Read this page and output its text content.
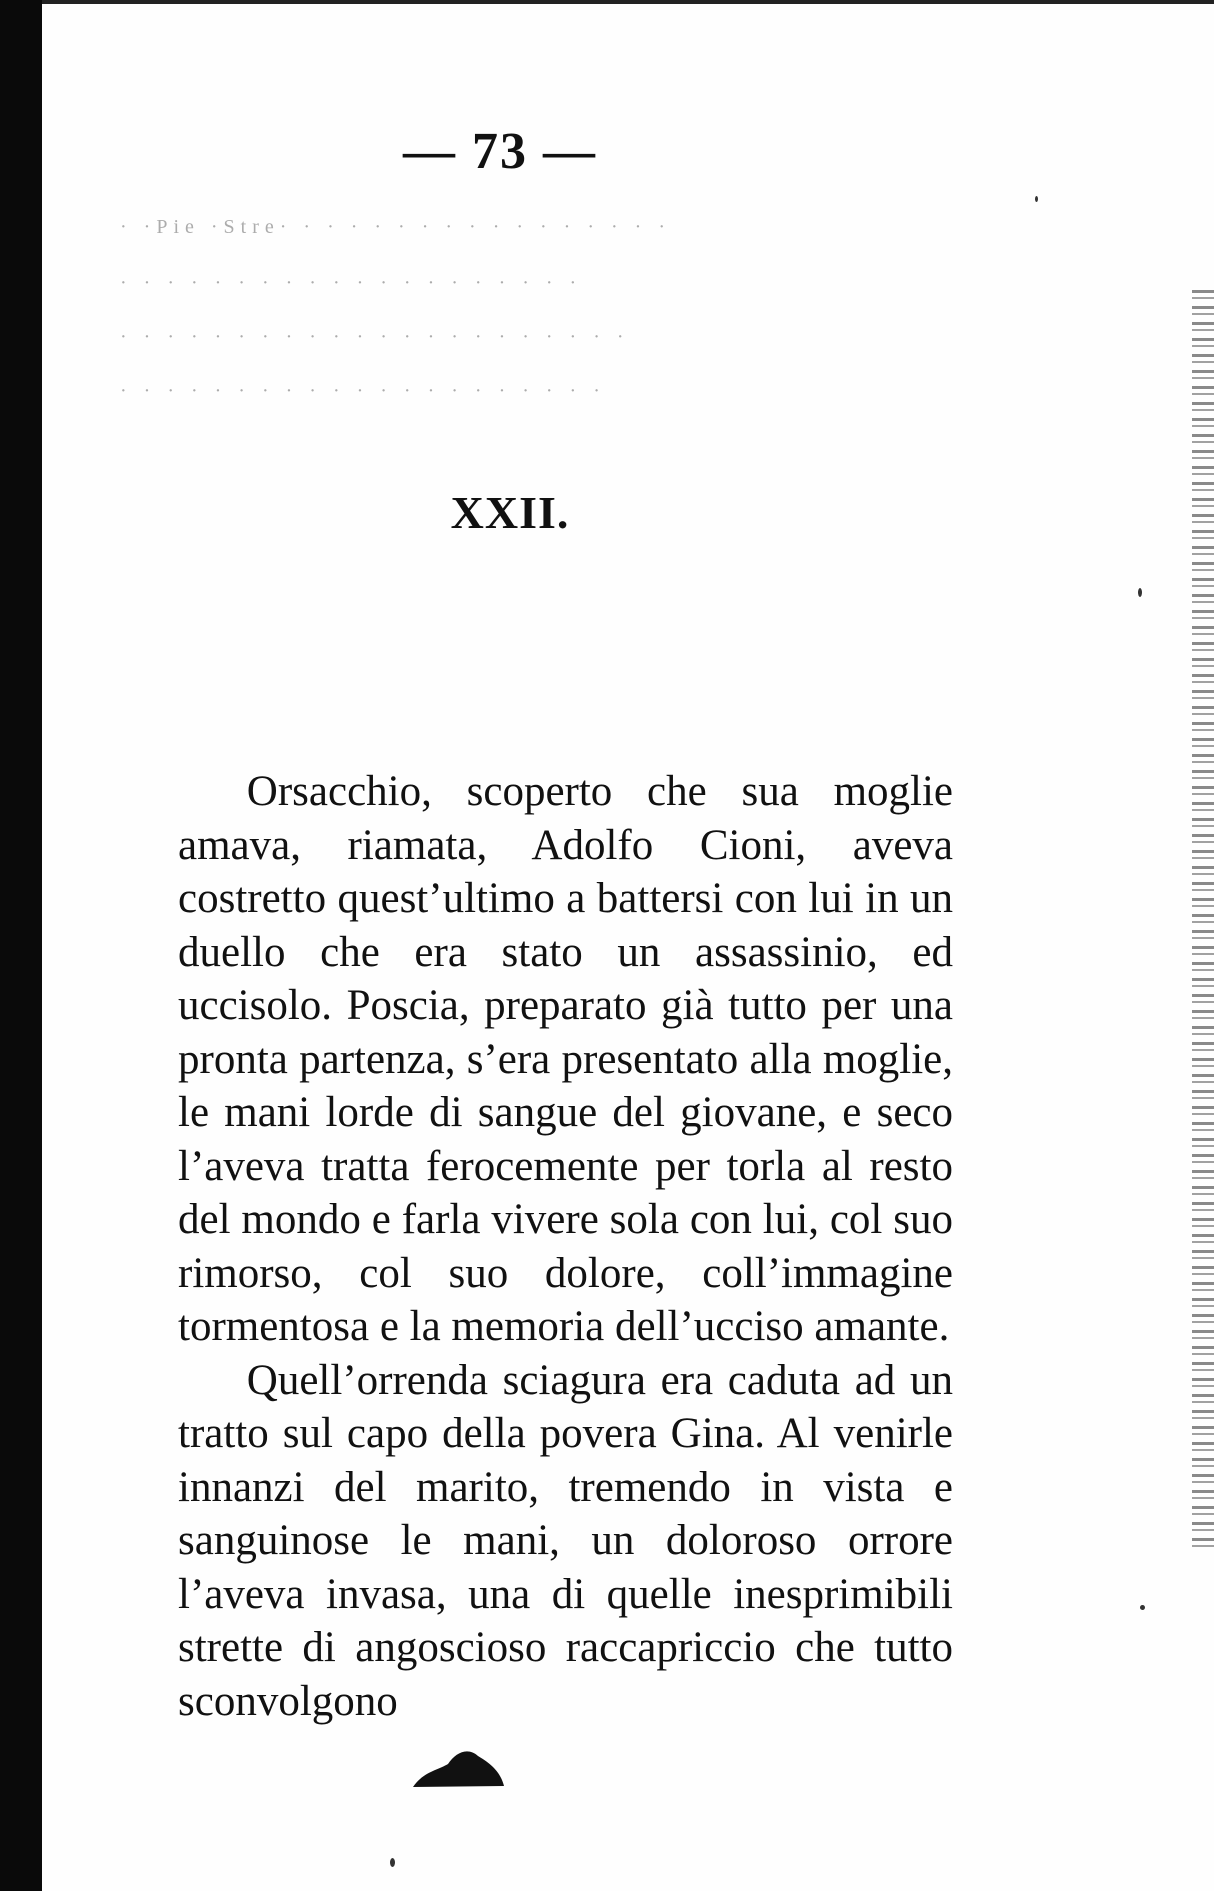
— 73 —
· ·Pie ·Stre· · · · · · · · · · · · · · · · ·
· · · · · · · · · · · · · · · · · · · ·
· · · · · · · · · · · · · · · · · · · · · ·
· · · · · · · · · · · · · · · · · · · · ·
XXII.

Orsacchio, scoperto che sua moglie amava, riamata, Adolfo Cioni, aveva costretto quest’ultimo a battersi con lui in un duello che era stato un assassinio, ed uccisolo. Poscia, preparato già tutto per una pronta partenza, s’era presentato alla moglie, le mani lorde di sangue del giovane, e seco l’aveva tratta ferocemente per torla al resto del mondo e farla vivere sola con lui, col suo rimorso, col suo dolore, coll’immagine tormentosa e la memoria dell’ucciso amante.

Quell’orrenda sciagura era caduta ad un tratto sul capo della povera Gina. Al venirle innanzi del marito, tremendo in vista e sanguinose le mani, un doloroso orrore l’aveva invasa, una di quelle inesprimibili strette di angoscioso raccapriccio che tutto sconvolgono
